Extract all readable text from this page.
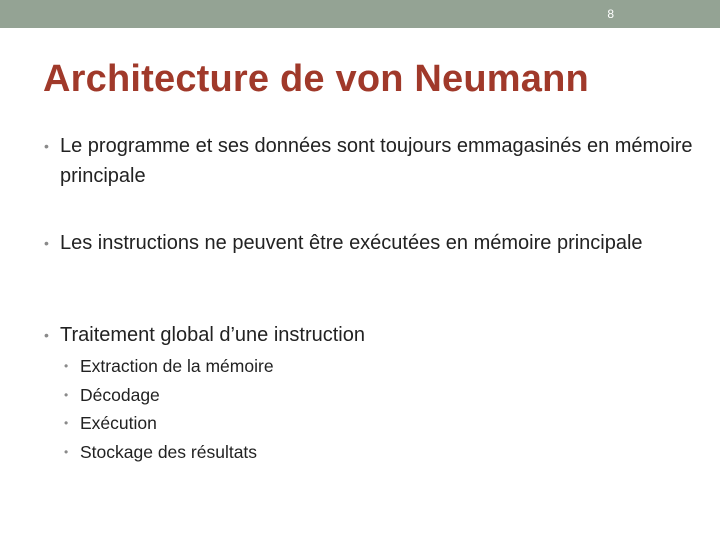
8
Architecture de von Neumann
• Le programme et ses données sont toujours emmagasinés en mémoire principale
• Les instructions ne peuvent être exécutées en mémoire principale
• Traitement global d’une instruction
• Extraction de la mémoire
• Décodage
• Exécution
• Stockage des résultats
